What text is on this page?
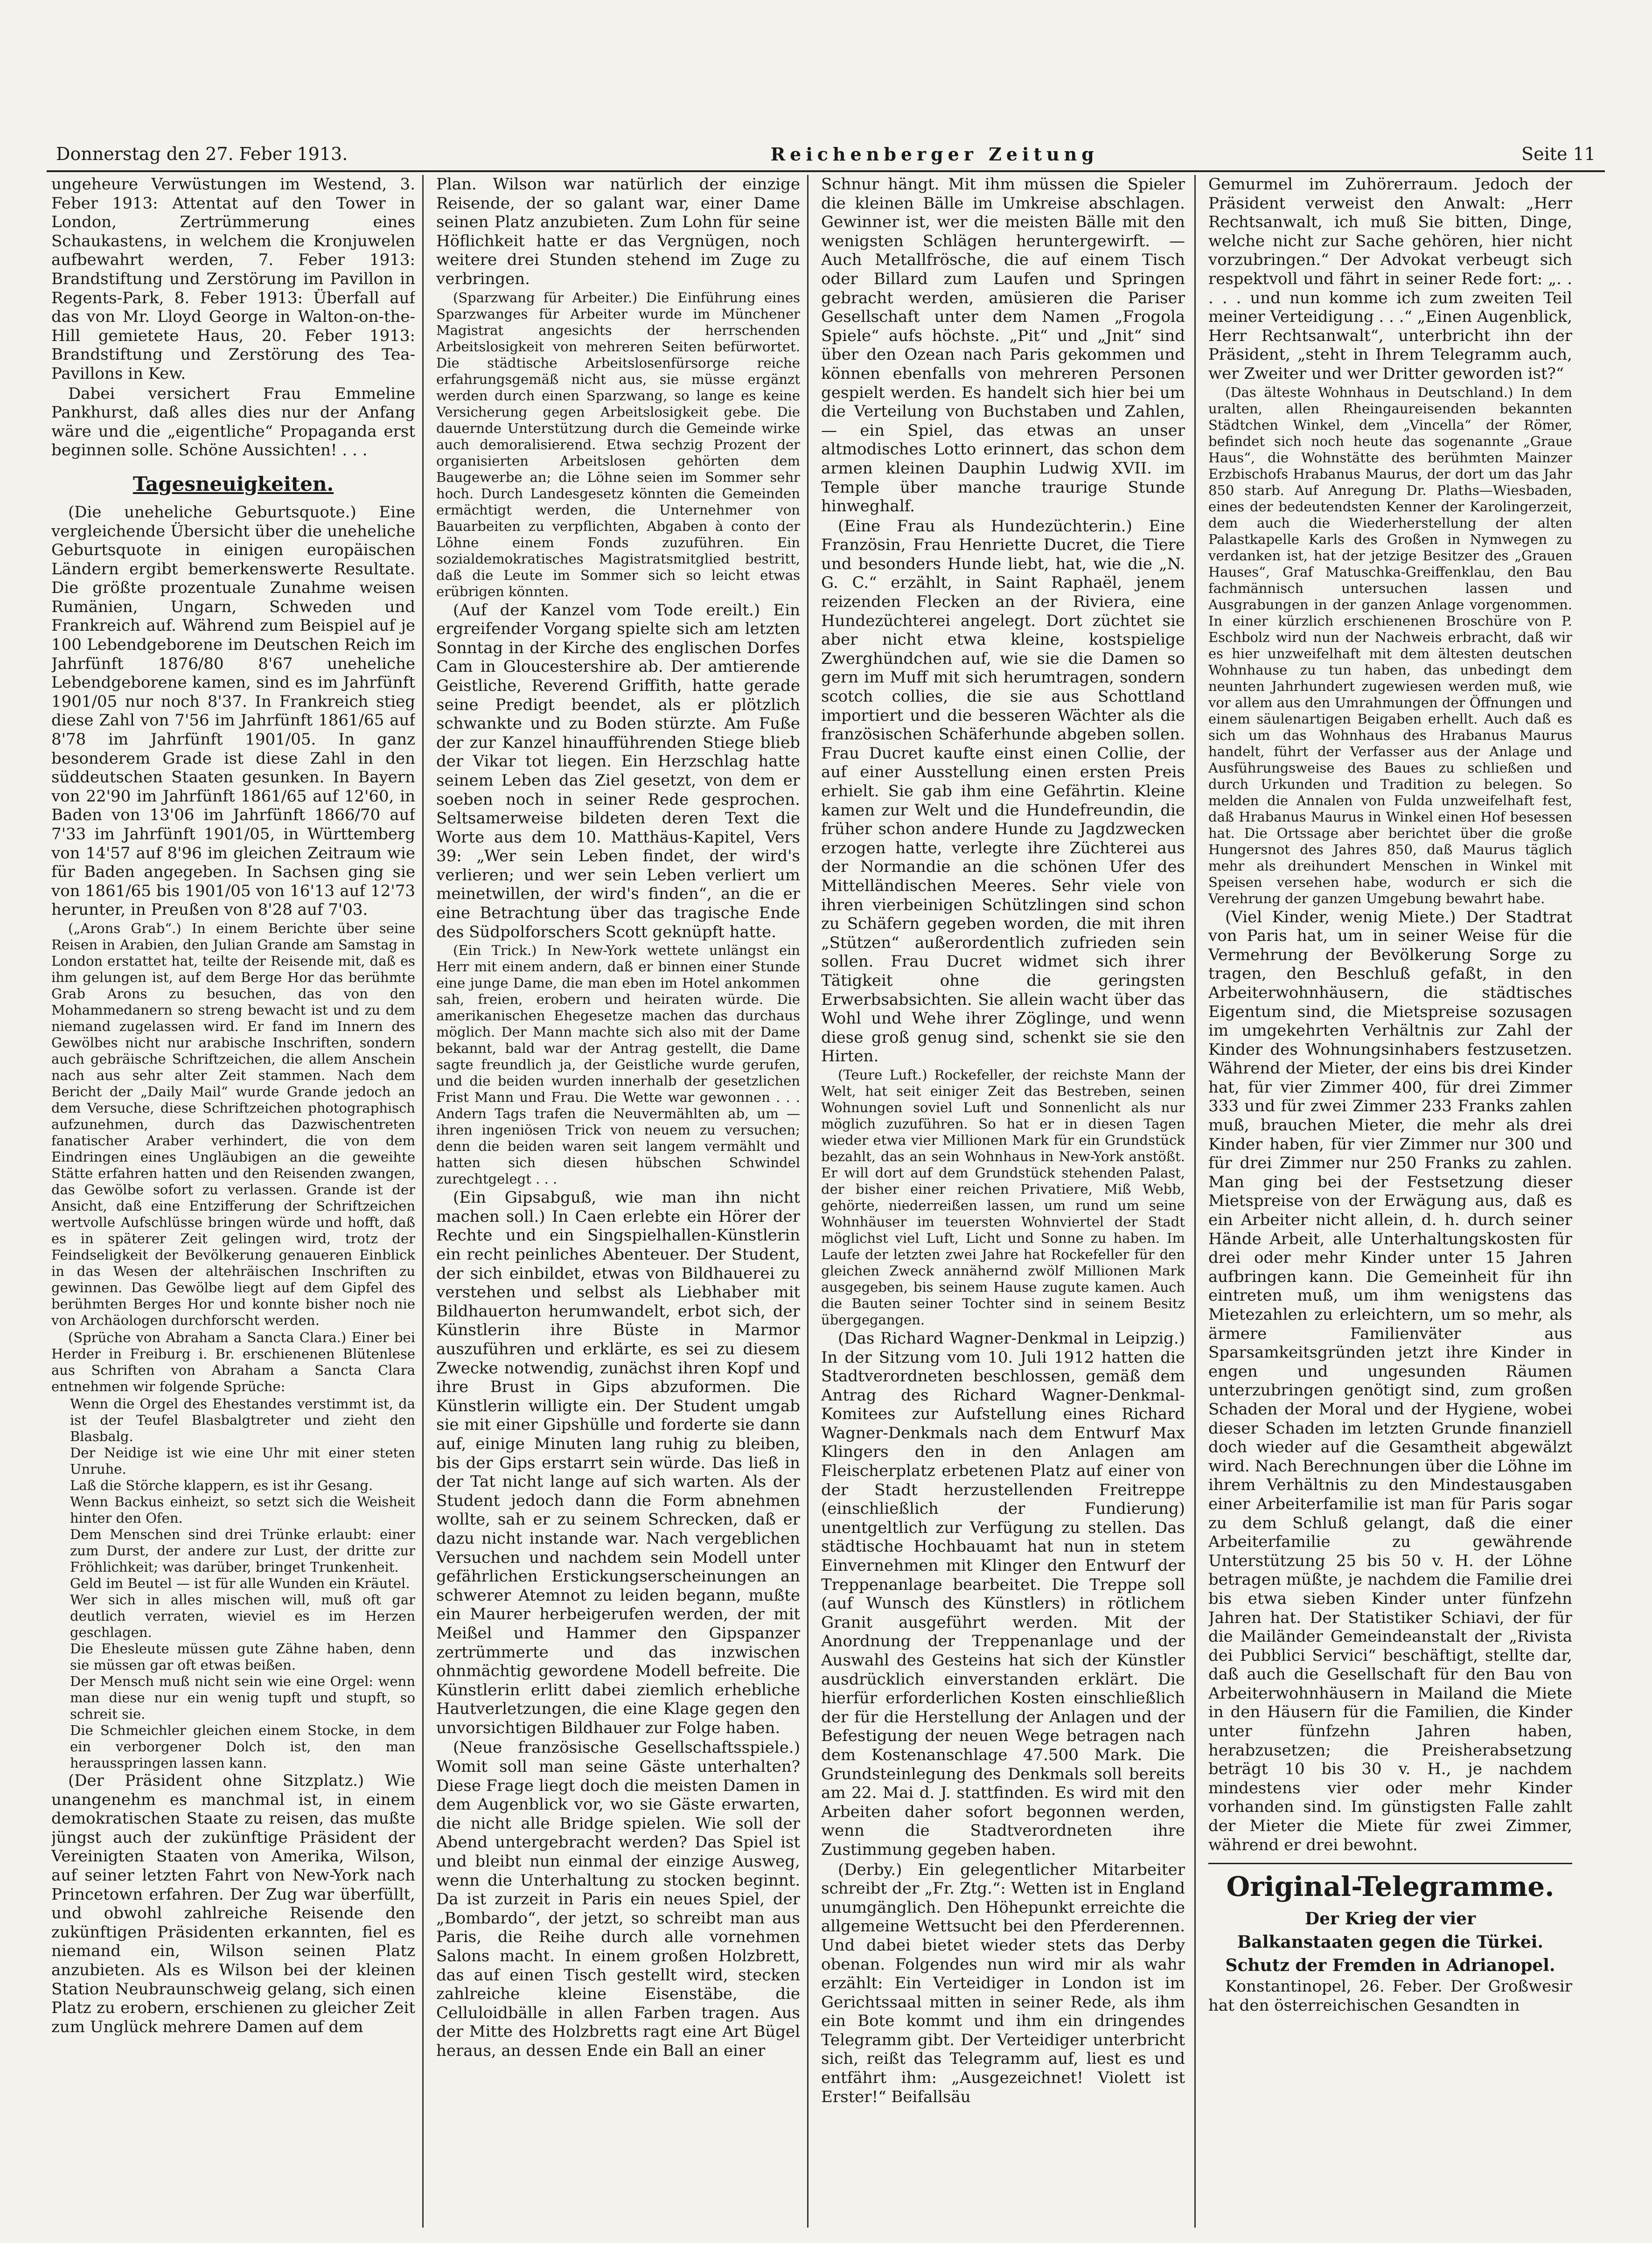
Donnerstag den 27. Feber 1913.	Reichenberger Zeitung	Seite 11

ungeheure Verwüstungen im Westend, 3. Feber 1913: Attentat auf den Tower in London, Zertrümmerung eines Schaukastens, in welchem die Kronjuwelen aufbewahrt werden, 7. Feber 1913: Brandstiftung und Zerstörung im Pavillon in Regents-Park, 8. Feber 1913: Überfall auf das von Mr. Lloyd George in Walton-on-the-Hill gemietete Haus, 20. Feber 1913: Brandstiftung und Zerstörung des Tea-Pavillons in Kew.

Dabei versichert Frau Emmeline Pankhurst, daß alles dies nur der Anfang wäre und die „eigentliche“ Propaganda erst beginnen solle. Schöne Aussichten! . . .

Tagesneuigkeiten.

(Die uneheliche Geburtsquote.) Eine vergleichende Übersicht über die uneheliche Geburtsquote in einigen europäischen Ländern ergibt bemerkenswerte Resultate. Die größte prozentuale Zunahme weisen Rumänien, Ungarn, Schweden und Frankreich auf. Während zum Beispiel auf je 100 Lebendgeborene im Deutschen Reich im Jahrfünft 1876/80 8'67 uneheliche Lebendgeborene kamen, sind es im Jahrfünft 1901/05 nur noch 8'37. In Frankreich stieg diese Zahl von 7'56 im Jahrfünft 1861/65 auf 8'78 im Jahrfünft 1901/05. In ganz besonderem Grade ist diese Zahl in den süddeutschen Staaten gesunken. In Bayern von 22'90 im Jahrfünft 1861/65 auf 12'60, in Baden von 13'06 im Jahrfünft 1866/70 auf 7'33 im Jahrfünft 1901/05, in Württemberg von 14'57 auf 8'96 im gleichen Zeitraum wie für Baden angegeben. In Sachsen ging sie von 1861/65 bis 1901/05 von 16'13 auf 12'73 herunter, in Preußen von 8'28 auf 7'03.

(„Arons Grab“.) In einem Berichte über seine Reisen in Arabien, den Julian Grande am Samstag in London erstattet hat, teilte der Reisende mit, daß es ihm gelungen ist, auf dem Berge Hor das berühmte Grab Arons zu besuchen, das von den Mohammedanern so streng bewacht ist und zu dem niemand zugelassen wird. Er fand im Innern des Gewölbes nicht nur arabische Inschriften, sondern auch gebräische Schriftzeichen, die allem Anschein nach aus sehr alter Zeit stammen. Nach dem Bericht der „Daily Mail“ wurde Grande jedoch an dem Versuche, diese Schriftzeichen photographisch aufzunehmen, durch das Dazwischentreten fanatischer Araber verhindert, die von dem Eindringen eines Ungläubigen an die geweihte Stätte erfahren hatten und den Reisenden zwangen, das Gewölbe sofort zu verlassen. Grande ist der Ansicht, daß eine Entzifferung der Schriftzeichen wertvolle Aufschlüsse bringen würde und hofft, daß es in späterer Zeit gelingen wird, trotz der Feindseligkeit der Bevölkerung genaueren Einblick in das Wesen der altehräischen Inschriften zu gewinnen. Das Gewölbe liegt auf dem Gipfel des berühmten Berges Hor und konnte bisher noch nie von Archäologen durchforscht werden.

(Sprüche von Abraham a Sancta Clara.) Einer bei Herder in Freiburg i. Br. erschienenen Blütenlese aus Schriften von Abraham a Sancta Clara entnehmen wir folgende Sprüche:

Wenn die Orgel des Ehestandes verstimmt ist, da ist der Teufel Blasbalgtreter und zieht den Blasbalg.

Der Neidige ist wie eine Uhr mit einer steten Unruhe.

Laß die Störche klappern, es ist ihr Gesang.

Wenn Backus einheizt, so setzt sich die Weisheit hinter den Ofen.

Dem Menschen sind drei Trünke erlaubt: einer zum Durst, der andere zur Lust, der dritte zur Fröhlichkeit; was darüber, bringet Trunkenheit.

Geld im Beutel — ist für alle Wunden ein Kräutel.

Wer sich in alles mischen will, muß oft gar deutlich verraten, wieviel es im Herzen geschlagen.

Die Ehesleute müssen gute Zähne haben, denn sie müssen gar oft etwas beißen.

Der Mensch muß nicht sein wie eine Orgel: wenn man diese nur ein wenig tupft und stupft, so schreit sie.

Die Schmeichler gleichen einem Stocke, in dem ein verborgener Dolch ist, den man herausspringen lassen kann.

(Der Präsident ohne Sitzplatz.) Wie unangenehm es manchmal ist, in einem demokratischen Staate zu reisen, das mußte jüngst auch der zukünftige Präsident der Vereinigten Staaten von Amerika, Wilson, auf seiner letzten Fahrt von New-York nach Princetown erfahren. Der Zug war überfüllt, und obwohl zahlreiche Reisende den zukünftigen Präsidenten erkannten, fiel es niemand ein, Wilson seinen Platz anzubieten. Als es Wilson bei der kleinen Station Neubraunschweig gelang, sich einen Platz zu erobern, erschienen zu gleicher Zeit zum Unglück mehrere Damen auf dem

Plan. Wilson war natürlich der einzige Reisende, der so galant war, einer Dame seinen Platz anzubieten. Zum Lohn für seine Höflichkeit hatte er das Vergnügen, noch weitere drei Stunden stehend im Zuge zu verbringen.

(Sparzwang für Arbeiter.) Die Einführung eines Sparzwanges für Arbeiter wurde im Münchener Magistrat angesichts der herrschenden Arbeitslosigkeit von mehreren Seiten befürwortet. Die städtische Arbeitslosenfürsorge reiche erfahrungsgemäß nicht aus, sie müsse ergänzt werden durch einen Sparzwang, so lange es keine Versicherung gegen Arbeitslosigkeit gebe. Die dauernde Unterstützung durch die Gemeinde wirke auch demoralisierend. Etwa sechzig Prozent der organisierten Arbeitslosen gehörten dem Baugewerbe an; die Löhne seien im Sommer sehr hoch. Durch Landesgesetz könnten die Gemeinden ermächtigt werden, die Unternehmer von Bauarbeiten zu verpflichten, Abgaben à conto der Löhne einem Fonds zuzuführen. Ein sozialdemokratisches Magistratsmitglied bestritt, daß die Leute im Sommer sich so leicht etwas erübrigen könnten.

(Auf der Kanzel vom Tode ereilt.) Ein ergreifender Vorgang spielte sich am letzten Sonntag in der Kirche des englischen Dorfes Cam in Gloucestershire ab. Der amtierende Geistliche, Reverend Griffith, hatte gerade seine Predigt beendet, als er plötzlich schwankte und zu Boden stürzte. Am Fuße der zur Kanzel hinaufführenden Stiege blieb der Vikar tot liegen. Ein Herzschlag hatte seinem Leben das Ziel gesetzt, von dem er soeben noch in seiner Rede gesprochen. Seltsamerweise bildeten deren Text die Worte aus dem 10. Matthäus-Kapitel, Vers 39: „Wer sein Leben findet, der wird's verlieren; und wer sein Leben verliert um meinetwillen, der wird's finden“, an die er eine Betrachtung über das tragische Ende des Südpolforschers Scott geknüpft hatte.

(Ein Trick.) In New-York wettete unlängst ein Herr mit einem andern, daß er binnen einer Stunde eine junge Dame, die man eben im Hotel ankommen sah, freien, erobern und heiraten würde. Die amerikanischen Ehegesetze machen das durchaus möglich. Der Mann machte sich also mit der Dame bekannt, bald war der Antrag gestellt, die Dame sagte freundlich ja, der Geistliche wurde gerufen, und die beiden wurden innerhalb der gesetzlichen Frist Mann und Frau. Die Wette war gewonnen . . . Andern Tags trafen die Neuvermählten ab, um — ihren ingeniösen Trick von neuem zu versuchen; denn die beiden waren seit langem vermählt und hatten sich diesen hübschen Schwindel zurechtgelegt . . .

(Ein Gipsabguß, wie man ihn nicht machen soll.) In Caen erlebte ein Hörer der Rechte und ein Singspielhallen-Künstlerin ein recht peinliches Abenteuer. Der Student, der sich einbildet, etwas von Bildhauerei zu verstehen und selbst als Liebhaber mit Bildhauerton herumwandelt, erbot sich, der Künstlerin ihre Büste in Marmor auszuführen und erklärte, es sei zu diesem Zwecke notwendig, zunächst ihren Kopf und ihre Brust in Gips abzuformen. Die Künstlerin willigte ein. Der Student umgab sie mit einer Gipshülle und forderte sie dann auf, einige Minuten lang ruhig zu bleiben, bis der Gips erstarrt sein würde. Das ließ in der Tat nicht lange auf sich warten. Als der Student jedoch dann die Form abnehmen wollte, sah er zu seinem Schrecken, daß er dazu nicht instande war. Nach vergeblichen Versuchen und nachdem sein Modell unter gefährlichen Erstickungserscheinungen an schwerer Atemnot zu leiden begann, mußte ein Maurer herbeigerufen werden, der mit Meißel und Hammer den Gipspanzer zertrümmerte und das inzwischen ohnmächtig gewordene Modell befreite. Die Künstlerin erlitt dabei ziemlich erhebliche Hautverletzungen, die eine Klage gegen den unvorsichtigen Bildhauer zur Folge haben.

(Neue französische Gesellschaftsspiele.) Womit soll man seine Gäste unterhalten? Diese Frage liegt doch die meisten Damen in dem Augenblick vor, wo sie Gäste erwarten, die nicht alle Bridge spielen. Wie soll der Abend untergebracht werden? Das Spiel ist und bleibt nun einmal der einzige Ausweg, wenn die Unterhaltung zu stocken beginnt. Da ist zurzeit in Paris ein neues Spiel, der „Bombardo“, der jetzt, so schreibt man aus Paris, die Reihe durch alle vornehmen Salons macht. In einem großen Holzbrett, das auf einen Tisch gestellt wird, stecken zahlreiche kleine Eisenstäbe, die Celluloidbälle in allen Farben tragen. Aus der Mitte des Holzbretts ragt eine Art Bügel heraus, an dessen Ende ein Ball an einer

Schnur hängt. Mit ihm müssen die Spieler die kleinen Bälle im Umkreise abschlagen. Gewinner ist, wer die meisten Bälle mit den wenigsten Schlägen heruntergewirft. — Auch Metallfrösche, die auf einem Tisch oder Billard zum Laufen und Springen gebracht werden, amüsieren die Pariser Gesellschaft unter dem Namen „Frogola Spiele“ aufs höchste. „Pit“ und „Jnit“ sind über den Ozean nach Paris gekommen und können ebenfalls von mehreren Personen gespielt werden. Es handelt sich hier bei um die Verteilung von Buchstaben und Zahlen, — ein Spiel, das etwas an unser altmodisches Lotto erinnert, das schon dem armen kleinen Dauphin Ludwig XVII. im Temple über manche traurige Stunde hinweghalf.

(Eine Frau als Hundezüchterin.) Eine Französin, Frau Henriette Ducret, die Tiere und besonders Hunde liebt, hat, wie die „N. G. C.“ erzählt, in Saint Raphaël, jenem reizenden Flecken an der Riviera, eine Hundezüchterei angelegt. Dort züchtet sie aber nicht etwa kleine, kostspielige Zwerghündchen auf, wie sie die Damen so gern im Muff mit sich herumtragen, sondern scotch collies, die sie aus Schottland importiert und die besseren Wächter als die französischen Schäferhunde abgeben sollen. Frau Ducret kaufte einst einen Collie, der auf einer Ausstellung einen ersten Preis erhielt. Sie gab ihm eine Gefährtin. Kleine kamen zur Welt und die Hundefreundin, die früher schon andere Hunde zu Jagdzwecken erzogen hatte, verlegte ihre Züchterei aus der Normandie an die schönen Ufer des Mittelländischen Meeres. Sehr viele von ihren vierbeinigen Schützlingen sind schon zu Schäfern gegeben worden, die mit ihren „Stützen“ außerordentlich zufrieden sein sollen. Frau Ducret widmet sich ihrer Tätigkeit ohne die geringsten Erwerbsabsichten. Sie allein wacht über das Wohl und Wehe ihrer Zöglinge, und wenn diese groß genug sind, schenkt sie sie den Hirten.

(Teure Luft.) Rockefeller, der reichste Mann der Welt, hat seit einiger Zeit das Bestreben, seinen Wohnungen soviel Luft und Sonnenlicht als nur möglich zuzuführen. So hat er in diesen Tagen wieder etwa vier Millionen Mark für ein Grundstück bezahlt, das an sein Wohnhaus in New-York anstößt. Er will dort auf dem Grundstück stehenden Palast, der bisher einer reichen Privatiere, Miß Webb, gehörte, niederreißen lassen, um rund um seine Wohnhäuser im teuersten Wohnviertel der Stadt möglichst viel Luft, Licht und Sonne zu haben. Im Laufe der letzten zwei Jahre hat Rockefeller für den gleichen Zweck annähernd zwölf Millionen Mark ausgegeben, bis seinem Hause zugute kamen. Auch die Bauten seiner Tochter sind in seinem Besitz übergegangen.

(Das Richard Wagner-Denkmal in Leipzig.) In der Sitzung vom 10. Juli 1912 hatten die Stadtverordneten beschlossen, gemäß dem Antrag des Richard Wagner-Denkmal-Komitees zur Aufstellung eines Richard Wagner-Denkmals nach dem Entwurf Max Klingers den in den Anlagen am Fleischerplatz erbetenen Platz auf einer von der Stadt herzustellenden Freitreppe (einschließlich der Fundierung) unentgeltlich zur Verfügung zu stellen. Das städtische Hochbauamt hat nun in stetem Einvernehmen mit Klinger den Entwurf der Treppenanlage bearbeitet. Die Treppe soll (auf Wunsch des Künstlers) in rötlichem Granit ausgeführt werden. Mit der Anordnung der Treppenanlage und der Auswahl des Gesteins hat sich der Künstler ausdrücklich einverstanden erklärt. Die hierfür erforderlichen Kosten einschließlich der für die Herstellung der Anlagen und der Befestigung der neuen Wege betragen nach dem Kostenanschlage 47.500 Mark. Die Grundsteinlegung des Denkmals soll bereits am 22. Mai d. J. stattfinden. Es wird mit den Arbeiten daher sofort begonnen werden, wenn die Stadtverordneten ihre Zustimmung gegeben haben.

(Derby.) Ein gelegentlicher Mitarbeiter schreibt der „Fr. Ztg.“: Wetten ist in England unumgänglich. Den Höhepunkt erreichte die allgemeine Wettsucht bei den Pferderennen. Und dabei bietet wieder stets das Derby obenan. Folgendes nun wird mir als wahr erzählt: Ein Verteidiger in London ist im Gerichtssaal mitten in seiner Rede, als ihm ein Bote kommt und ihm ein dringendes Telegramm gibt. Der Verteidiger unterbricht sich, reißt das Telegramm auf, liest es und entfährt ihm: „Ausgezeichnet! Violett ist Erster!“ Beifallsäu

Gemurmel im Zuhörerraum. Jedoch der Präsident verweist den Anwalt: „Herr Rechtsanwalt, ich muß Sie bitten, Dinge, welche nicht zur Sache gehören, hier nicht vorzubringen.“ Der Advokat verbeugt sich respektvoll und fährt in seiner Rede fort: „. . . . . und nun komme ich zum zweiten Teil meiner Verteidigung . . .“ „Einen Augenblick, Herr Rechtsanwalt“, unterbricht ihn der Präsident, „steht in Ihrem Telegramm auch, wer Zweiter und wer Dritter geworden ist?“

(Das älteste Wohnhaus in Deutschland.) In dem uralten, allen Rheingaureisenden bekannten Städtchen Winkel, dem „Vincella“ der Römer, befindet sich noch heute das sogenannte „Graue Haus“, die Wohnstätte des berühmten Mainzer Erzbischofs Hrabanus Maurus, der dort um das Jahr 850 starb. Auf Anregung Dr. Plaths—Wiesbaden, eines der bedeutendsten Kenner der Karolingerzeit, dem auch die Wiederherstellung der alten Palastkapelle Karls des Großen in Nymwegen zu verdanken ist, hat der jetzige Besitzer des „Grauen Hauses“, Graf Matuschka-Greiffenklau, den Bau fachmännisch untersuchen lassen und Ausgrabungen in der ganzen Anlage vorgenommen. In einer kürzlich erschienenen Broschüre von P. Eschbolz wird nun der Nachweis erbracht, daß wir es hier unzweifelhaft mit dem ältesten deutschen Wohnhause zu tun haben, das unbedingt dem neunten Jahrhundert zugewiesen werden muß, wie vor allem aus den Umrahmungen der Öffnungen und einem säulenartigen Beigaben erhellt. Auch daß es sich um das Wohnhaus des Hrabanus Maurus handelt, führt der Verfasser aus der Anlage und Ausführungsweise des Baues zu schließen und durch Urkunden und Tradition zu belegen. So melden die Annalen von Fulda unzweifelhaft fest, daß Hrabanus Maurus in Winkel einen Hof besessen hat. Die Ortssage aber berichtet über die große Hungersnot des Jahres 850, daß Maurus täglich mehr als dreihundert Menschen in Winkel mit Speisen versehen habe, wodurch er sich die Verehrung der ganzen Umgebung bewahrt habe.

(Viel Kinder, wenig Miete.) Der Stadtrat von Paris hat, um in seiner Weise für die Vermehrung der Bevölkerung Sorge zu tragen, den Beschluß gefaßt, in den Arbeiterwohnhäusern, die städtisches Eigentum sind, die Mietspreise sozusagen im umgekehrten Verhältnis zur Zahl der Kinder des Wohnungsinhabers festzusetzen. Während der Mieter, der eins bis drei Kinder hat, für vier Zimmer 400, für drei Zimmer 333 und für zwei Zimmer 233 Franks zahlen muß, brauchen Mieter, die mehr als drei Kinder haben, für vier Zimmer nur 300 und für drei Zimmer nur 250 Franks zu zahlen. Man ging bei der Festsetzung dieser Mietspreise von der Erwägung aus, daß es ein Arbeiter nicht allein, d. h. durch seiner Hände Arbeit, alle Unterhaltungskosten für drei oder mehr Kinder unter 15 Jahren aufbringen kann. Die Gemeinheit für ihn eintreten muß, um ihm wenigstens das Mietezahlen zu erleichtern, um so mehr, als ärmere Familienväter aus Sparsamkeitsgründen jetzt ihre Kinder in engen und ungesunden Räumen unterzubringen genötigt sind, zum großen Schaden der Moral und der Hygiene, wobei dieser Schaden im letzten Grunde finanziell doch wieder auf die Gesamtheit abgewälzt wird. Nach Berechnungen über die Löhne im ihrem Verhältnis zu den Mindestausgaben einer Arbeiterfamilie ist man für Paris sogar zu dem Schluß gelangt, daß die einer Arbeiterfamilie zu gewährende Unterstützung 25 bis 50 v. H. der Löhne betragen müßte, je nachdem die Familie drei bis etwa sieben Kinder unter fünfzehn Jahren hat. Der Statistiker Schiavi, der für die Mailänder Gemeindeanstalt der „Rivista dei Pubblici Servici“ beschäftigt, stellte dar, daß auch die Gesellschaft für den Bau von Arbeiterwohnhäusern in Mailand die Miete in den Häusern für die Familien, die Kinder unter fünfzehn Jahren haben, herabzusetzen; die Preisherabsetzung beträgt 10 bis 30 v. H., je nachdem mindestens vier oder mehr Kinder vorhanden sind. Im günstigsten Falle zahlt der Mieter die Miete für zwei Zimmer, während er drei bewohnt.

Original-Telegramme.
Der Krieg der vier
Balkanstaaten gegen die Türkei.
Schutz der Fremden in Adrianopel.

Konstantinopel, 26. Feber. Der Großwesir hat den österreichischen Gesandten in
